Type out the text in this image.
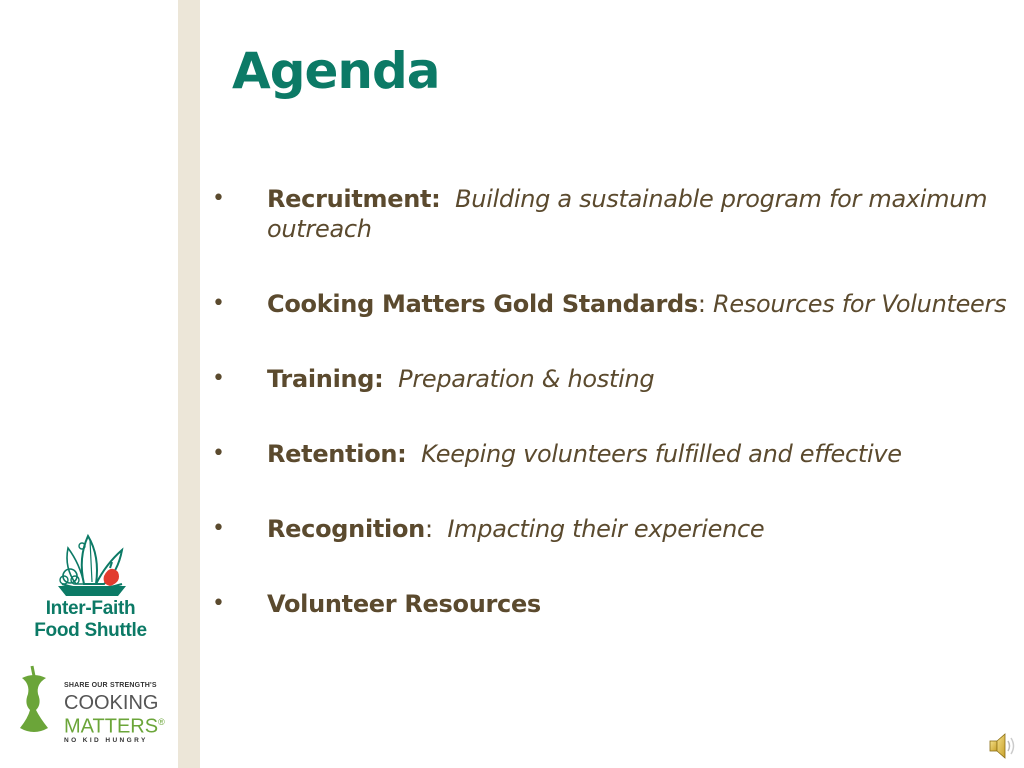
Agenda
•	Recruitment: Building a sustainable program for maximum outreach
•	Cooking Matters Gold Standards: Resources for Volunteers
•	Training: Preparation & hosting
•	Retention: Keeping volunteers fulfilled and effective
•	Recognition:  Impacting their experience
•	Volunteer Resources
Inter-Faith
Food Shuttle
SHARE OUR STRENGTH'S
COOKING
MATTERS®
NO KID HUNGRY
